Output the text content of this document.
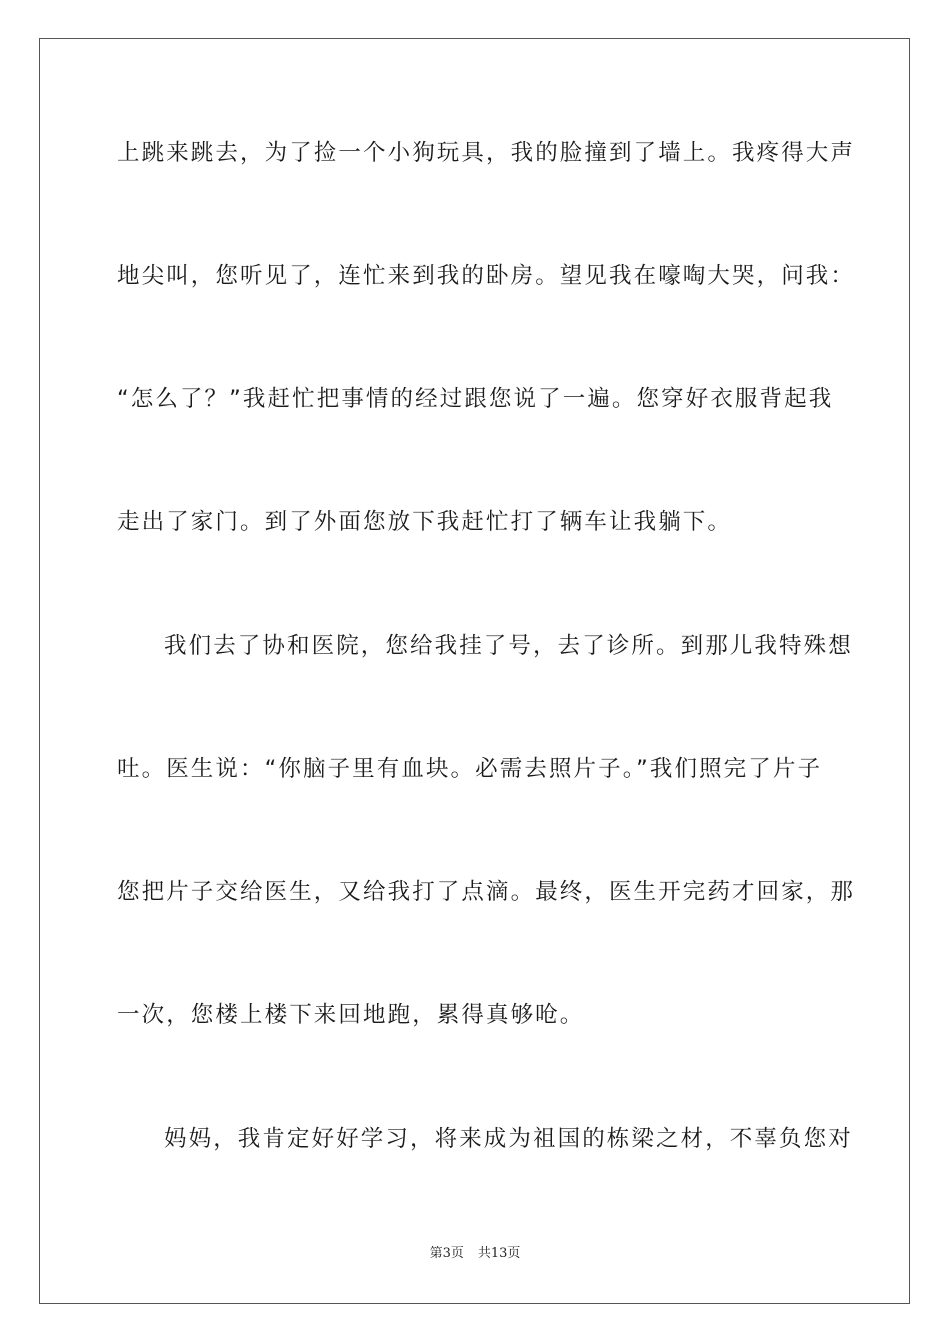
上跳来跳去，为了捡一个小狗玩具，我的脸撞到了墙上。我疼得大声
地尖叫，您听见了，连忙来到我的卧房。望见我在嚎啕大哭，问我：
“怎么了？”我赶忙把事情的经过跟您说了一遍。您穿好衣服背起我
走出了家门。到了外面您放下我赶忙打了辆车让我躺下。
我们去了协和医院，您给我挂了号，去了诊所。到那儿我特殊想
吐。医生说：“你脑子里有血块。必需去照片子。”我们照完了片子
您把片子交给医生，又给我打了点滴。最终，医生开完药才回家，那
一次，您楼上楼下来回地跑，累得真够呛。
妈妈，我肯定好好学习，将来成为祖国的栋梁之材，不辜负您对
第3页 共13页
